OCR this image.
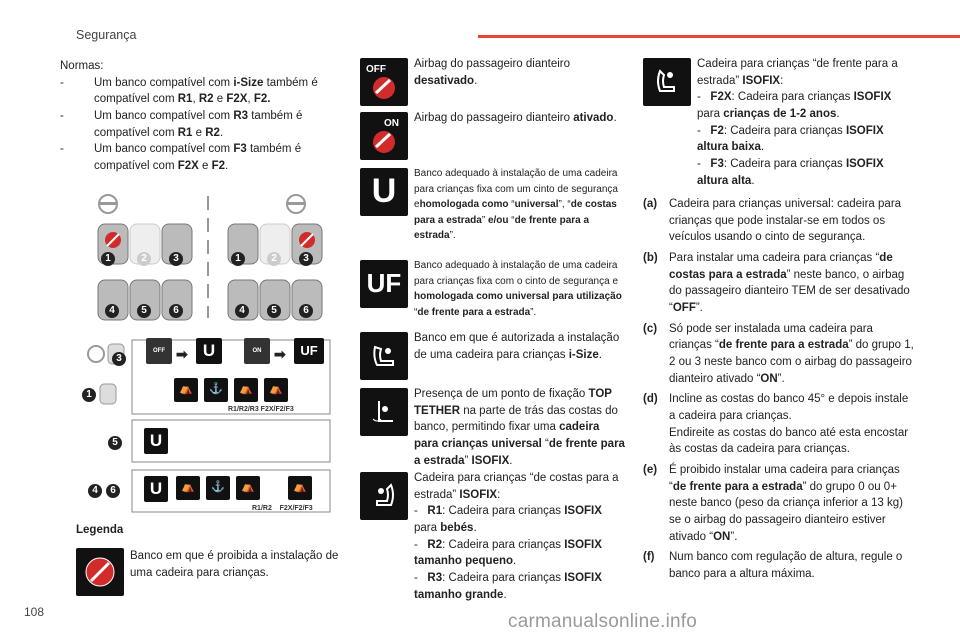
Segurança
Normas:
-	Um banco compatível com i-Size também é compatível com R1, R2 e F2X, F2.
-	Um banco compatível com R3 também é compatível com R1 e R2.
-	Um banco compatível com F3 também é compatível com F2X e F2.
1	2	3	1	2	3
4	5	6	4	5	6
3
1
5
4	6
OFF ➡ U	ON ➡ UF
⛺	⚓	⛺	⛺
R1/R2/R3 F2X/F2/F3
U
U	⛺	⚓	⛺	⛺
R1/R2    F2X/F2/F3
Legenda
Banco em que é proibida a instalação de uma cadeira para crianças.
OFF Airbag do passageiro dianteiro desativado.
ON Airbag do passageiro dianteiro ativado.
U Banco adequado à instalação de uma cadeira para crianças fixa com um cinto de segurança ehomologada como “universal”, “de costas para a estrada” e/ou “de frente para a estrada”.
UF
Banco adequado à instalação de uma cadeira para crianças fixa com o cinto de segurança e homologada como universal para utilização “de frente para a estrada”.
Banco em que é autorizada a instalação de uma cadeira para crianças i-Size.
Presença de um ponto de fixação TOP TETHER na parte de trás das costas do banco, permitindo fixar uma cadeira para crianças universal “de frente para a estrada” ISOFIX.
Cadeira para crianças “de costas para a estrada” ISOFIX:
-   R1: Cadeira para crianças ISOFIX para bebés.
-   R2: Cadeira para crianças ISOFIX tamanho pequeno.
-   R3: Cadeira para crianças ISOFIX tamanho grande.
Cadeira para crianças “de frente para a estrada” ISOFIX:
-   F2X: Cadeira para crianças ISOFIX para crianças de 1-2 anos.
-   F2: Cadeira para crianças ISOFIX altura baixa.
-   F3: Cadeira para crianças ISOFIX altura alta.
(a) Cadeira para crianças universal: cadeira para crianças que pode instalar-se em todos os veículos usando o cinto de segurança.
(b) Para instalar uma cadeira para crianças “de costas para a estrada” neste banco, o airbag do passageiro dianteiro TEM de ser desativado “OFF”.
(c) Só pode ser instalada uma cadeira para crianças “de frente para a estrada” do grupo 1, 2 ou 3 neste banco com o airbag do passageiro dianteiro ativado “ON”.
(d) Incline as costas do banco 45° e depois instale a cadeira para crianças.
Endireite as costas do banco até esta encostar às costas da cadeira para crianças.
(e) É proibido instalar uma cadeira para crianças “de frente para a estrada” do grupo 0 ou 0+ neste banco (peso da criança inferior a 13 kg) se o airbag do passageiro dianteiro estiver ativado “ON”.
(f) Num banco com regulação de altura, regule o banco para a altura máxima.
108	carmanualsonline.info
